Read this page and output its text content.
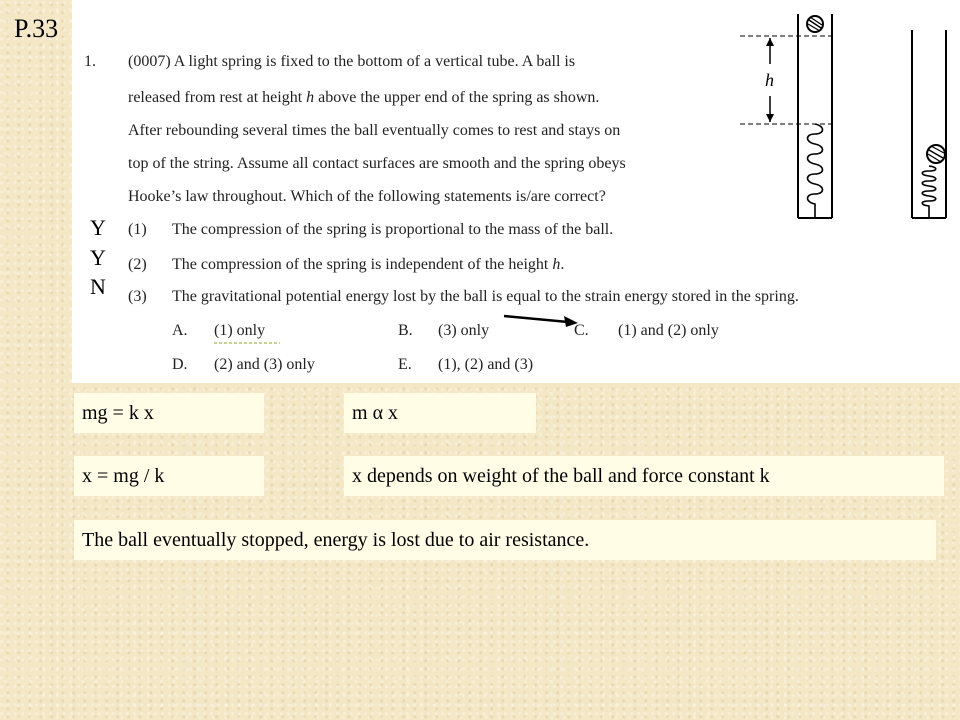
P.33
1. (0007) A light spring is fixed to the bottom of a vertical tube. A ball is
released from rest at height h above the upper end of the spring as shown.
After rebounding several times the ball eventually comes to rest and stays on
top of the string. Assume all contact surfaces are smooth and the spring obeys
Hooke’s law throughout. Which of the following statements is/are correct?
(1) The compression of the spring is proportional to the mass of the ball.
(2) The compression of the spring is independent of the height h.
(3) The gravitational potential energy lost by the ball is equal to the strain energy stored in the spring.
A. (1) only	B. (3) only	C. (1) and (2) only
D. (2) and (3) only	E. (1), (2) and (3)
h
Y
Y
N
mg = k x	m α x
x = mg / k	x depends on weight of the ball and force constant k
The ball eventually stopped, energy is lost due to air resistance.
